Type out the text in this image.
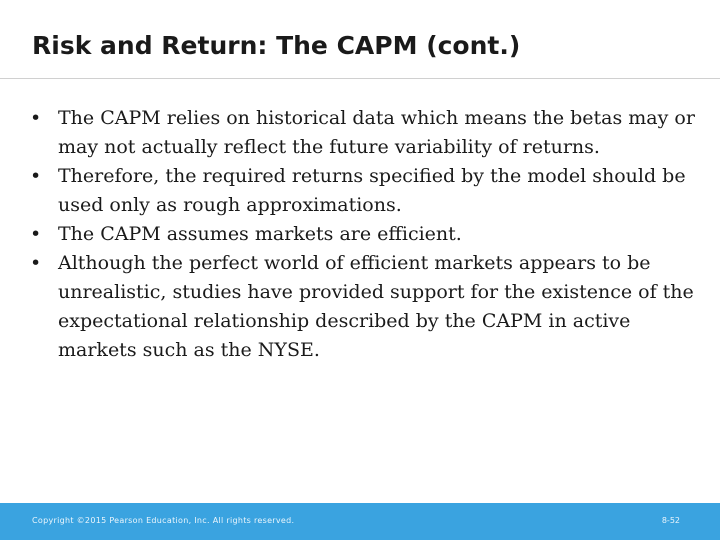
Risk and Return: The CAPM (cont.)
• The CAPM relies on historical data which means the betas may or may not actually reflect the future variability of returns.
• Therefore, the required returns specified by the model should be used only as rough approximations.
• The CAPM assumes markets are efficient.
• Although the perfect world of efficient markets appears to be unrealistic, studies have provided support for the existence of the expectational relationship described by the CAPM in active markets such as the NYSE.
Copyright ©2015 Pearson Education, Inc. All rights reserved.	8-52
